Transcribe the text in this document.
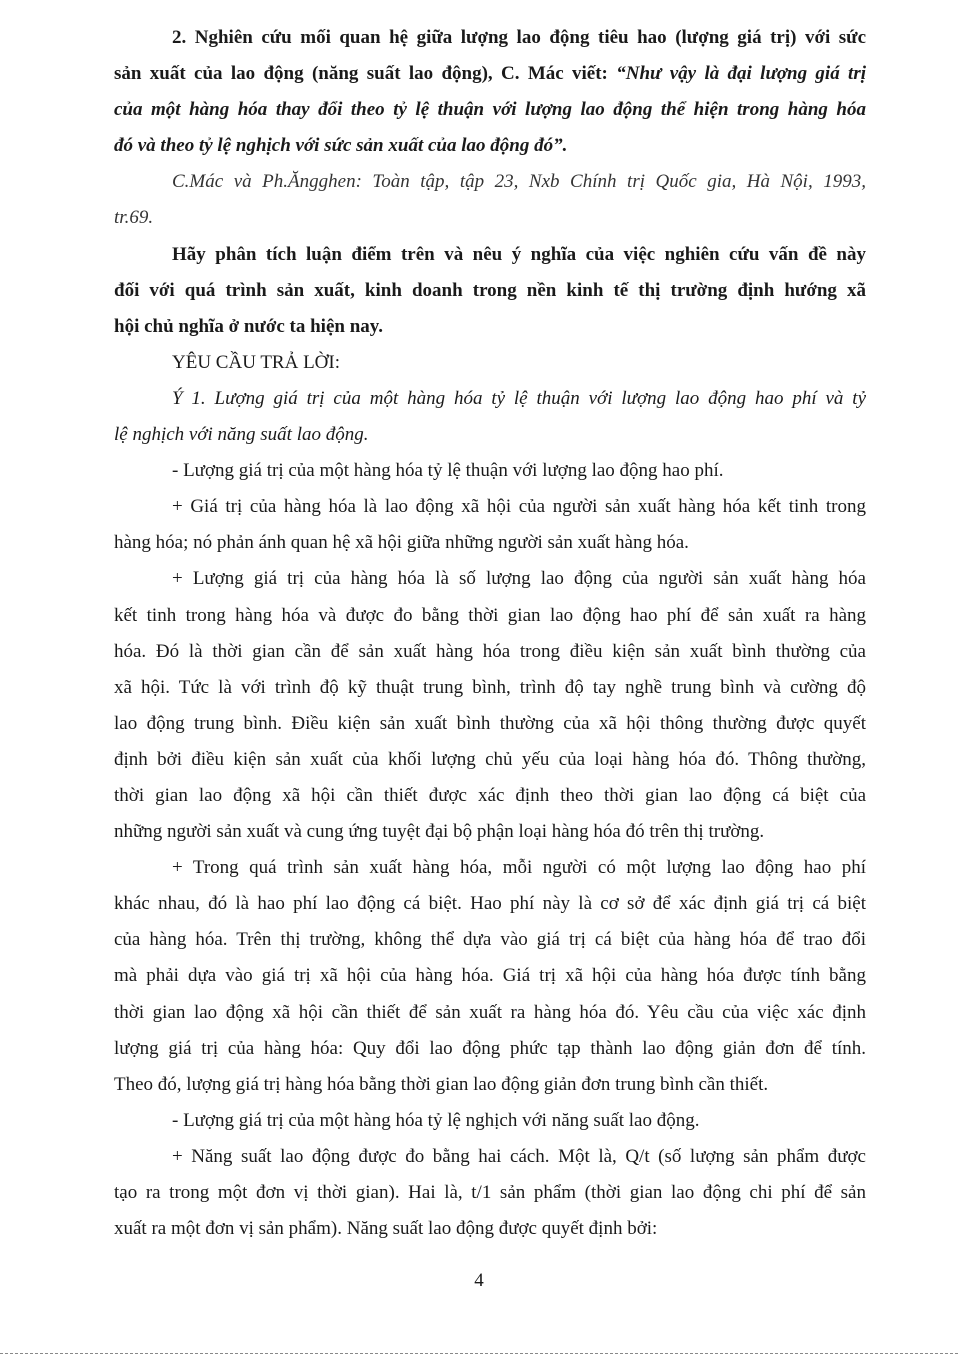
2. Nghiên cứu mối quan hệ giữa lượng lao động tiêu hao (lượng giá trị) với sức
sản xuất của lao động (năng suất lao động), C. Mác viết: “Như vậy là đại lượng giá trị
của một hàng hóa thay đổi theo tỷ lệ thuận với lượng lao động thể hiện trong hàng hóa
đó và theo tỷ lệ nghịch với sức sản xuất của lao động đó”.
C.Mác và Ph.Ăngghen: Toàn tập, tập 23, Nxb Chính trị Quốc gia, Hà Nội, 1993,
tr.69.
Hãy phân tích luận điểm trên và nêu ý nghĩa của việc nghiên cứu vấn đề này
đối với quá trình sản xuất, kinh doanh trong nền kinh tế thị trường định hướng xã
hội chủ nghĩa ở nước ta hiện nay.
YÊU CẦU TRẢ LỜI:
Ý 1. Lượng giá trị của một hàng hóa tỷ lệ thuận với lượng lao động hao phí và tỷ
lệ nghịch với năng suất lao động.
- Lượng giá trị của một hàng hóa tỷ lệ thuận với lượng lao động hao phí.
+ Giá trị của hàng hóa là lao động xã hội của người sản xuất hàng hóa kết tinh trong
hàng hóa; nó phản ánh quan hệ xã hội giữa những người sản xuất hàng hóa.
+ Lượng giá trị của hàng hóa là số lượng lao động của người sản xuất hàng hóa
kết tinh trong hàng hóa và được đo bằng thời gian lao động hao phí để sản xuất ra hàng
hóa. Đó là thời gian cần để sản xuất hàng hóa trong điều kiện sản xuất bình thường của
xã hội. Tức là với trình độ kỹ thuật trung bình, trình độ tay nghề trung bình và cường độ
lao động trung bình. Điều kiện sản xuất bình thường của xã hội thông thường được quyết
định bởi điều kiện sản xuất của khối lượng chủ yếu của loại hàng hóa đó. Thông thường,
thời gian lao động xã hội cần thiết được xác định theo thời gian lao động cá biệt của
những người sản xuất và cung ứng tuyệt đại bộ phận loại hàng hóa đó trên thị trường.
+ Trong quá trình sản xuất hàng hóa, mỗi người có một lượng lao động hao phí
khác nhau, đó là hao phí lao động cá biệt. Hao phí này là cơ sở để xác định giá trị cá biệt
của hàng hóa. Trên thị trường, không thể dựa vào giá trị cá biệt của hàng hóa để trao đổi
mà phải dựa vào giá trị xã hội của hàng hóa. Giá trị xã hội của hàng hóa được tính bằng
thời gian lao động xã hội cần thiết để sản xuất ra hàng hóa đó. Yêu cầu của việc xác định
lượng giá trị của hàng hóa: Quy đổi lao động phức tạp thành lao động giản đơn để tính.
Theo đó, lượng giá trị hàng hóa bằng thời gian lao động giản đơn trung bình cần thiết.
- Lượng giá trị của một hàng hóa tỷ lệ nghịch với năng suất lao động.
+ Năng suất lao động được đo bằng hai cách. Một là, Q/t (số lượng sản phẩm được
tạo ra trong một đơn vị thời gian). Hai là, t/1 sản phẩm (thời gian lao động chi phí để sản
xuất ra một đơn vị sản phẩm). Năng suất lao động được quyết định bởi:
4
